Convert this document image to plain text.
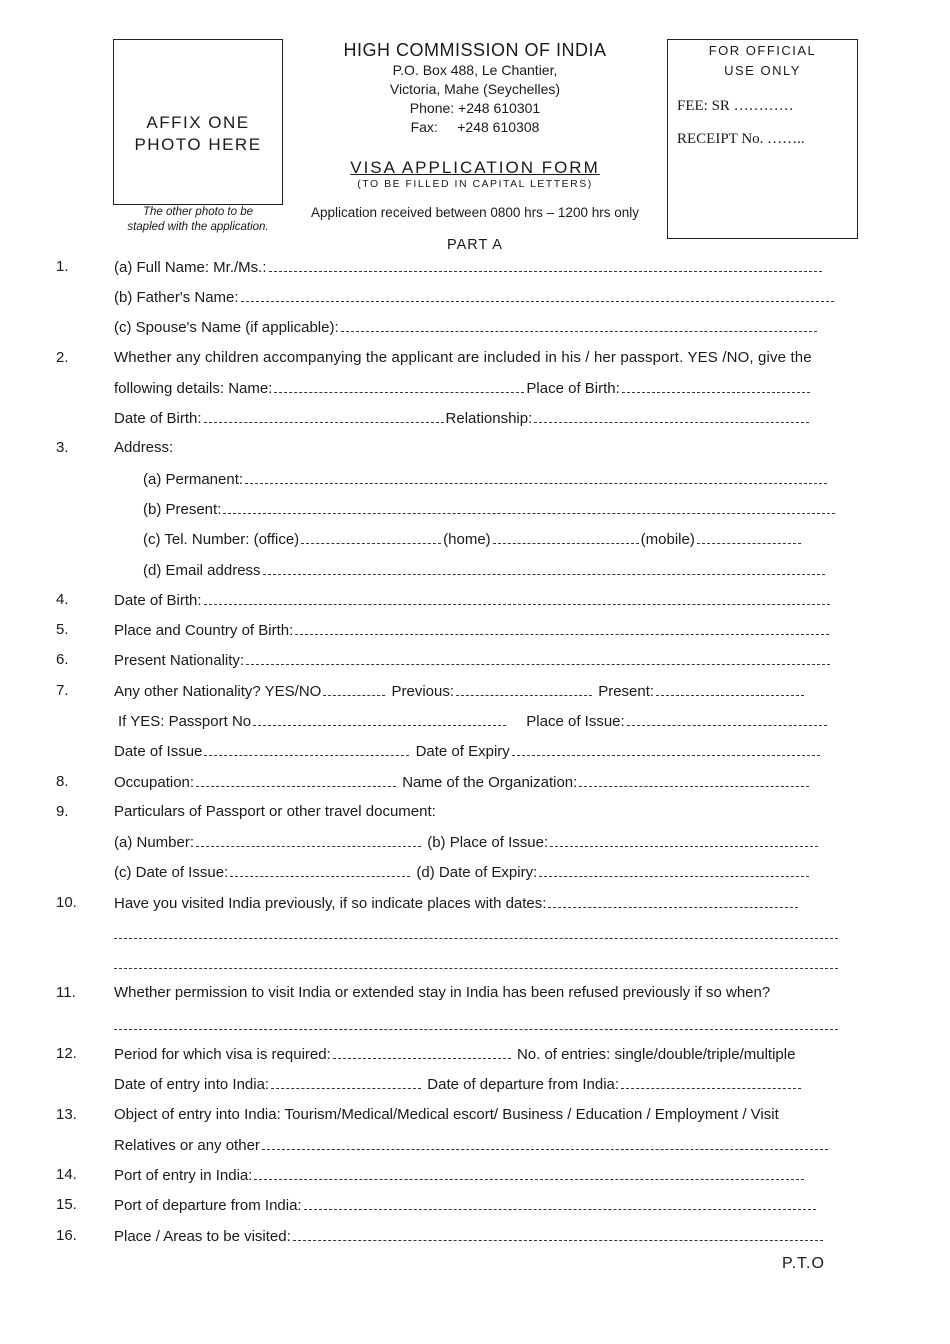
AFFIX ONE
PHOTO HERE
The other photo to be
stapled with the application.
HIGH COMMISSION OF INDIA
P.O. Box 488, Le Chantier,
Victoria, Mahe (Seychelles)
Phone: +248 610301
Fax:     +248 610308
VISA APPLICATION FORM
(TO BE FILLED IN CAPITAL LETTERS)
Application received between 0800 hrs – 1200 hrs only
FOR OFFICIAL
USE ONLY
FEE: SR …………
RECEIPT No. ……..
PART A
1.	(a) Full Name: Mr./Ms.:
(b) Father's Name:
(c) Spouse's Name (if applicable):
2.	Whether any children accompanying the applicant are included in his / her passport. YES /NO, give the
following details: Name:	Place of Birth:
Date of Birth:	Relationship:
3.	Address:
(a) Permanent:
(b) Present:
(c) Tel. Number: (office)	(home)	(mobile)
(d) Email address
4.	Date of Birth:
5.	Place and Country of Birth:
6.	Present Nationality:
7.	Any other Nationality? YES/NO	Previous:	Present:
If YES: Passport No	Place of Issue:
Date of Issue	Date of Expiry
8.	Occupation:	Name of the Organization:
9.	Particulars of Passport or other travel document:
(a) Number:	(b) Place of Issue:
(c) Date of Issue:	(d) Date of Expiry:
10. Have you visited India previously, if so indicate places with dates:
11.	Whether permission to visit India or extended stay in India has been refused previously if so when?
12. Period for which visa is required:	No. of entries: single/double/triple/multiple
Date of entry into India:	Date of departure from India:
13. Object of entry into India: Tourism/Medical/Medical escort/ Business / Education / Employment / Visit
Relatives or any other
14. Port of entry in India:
15. Port of departure from India:
16. Place / Areas to be visited:
P.T.O
